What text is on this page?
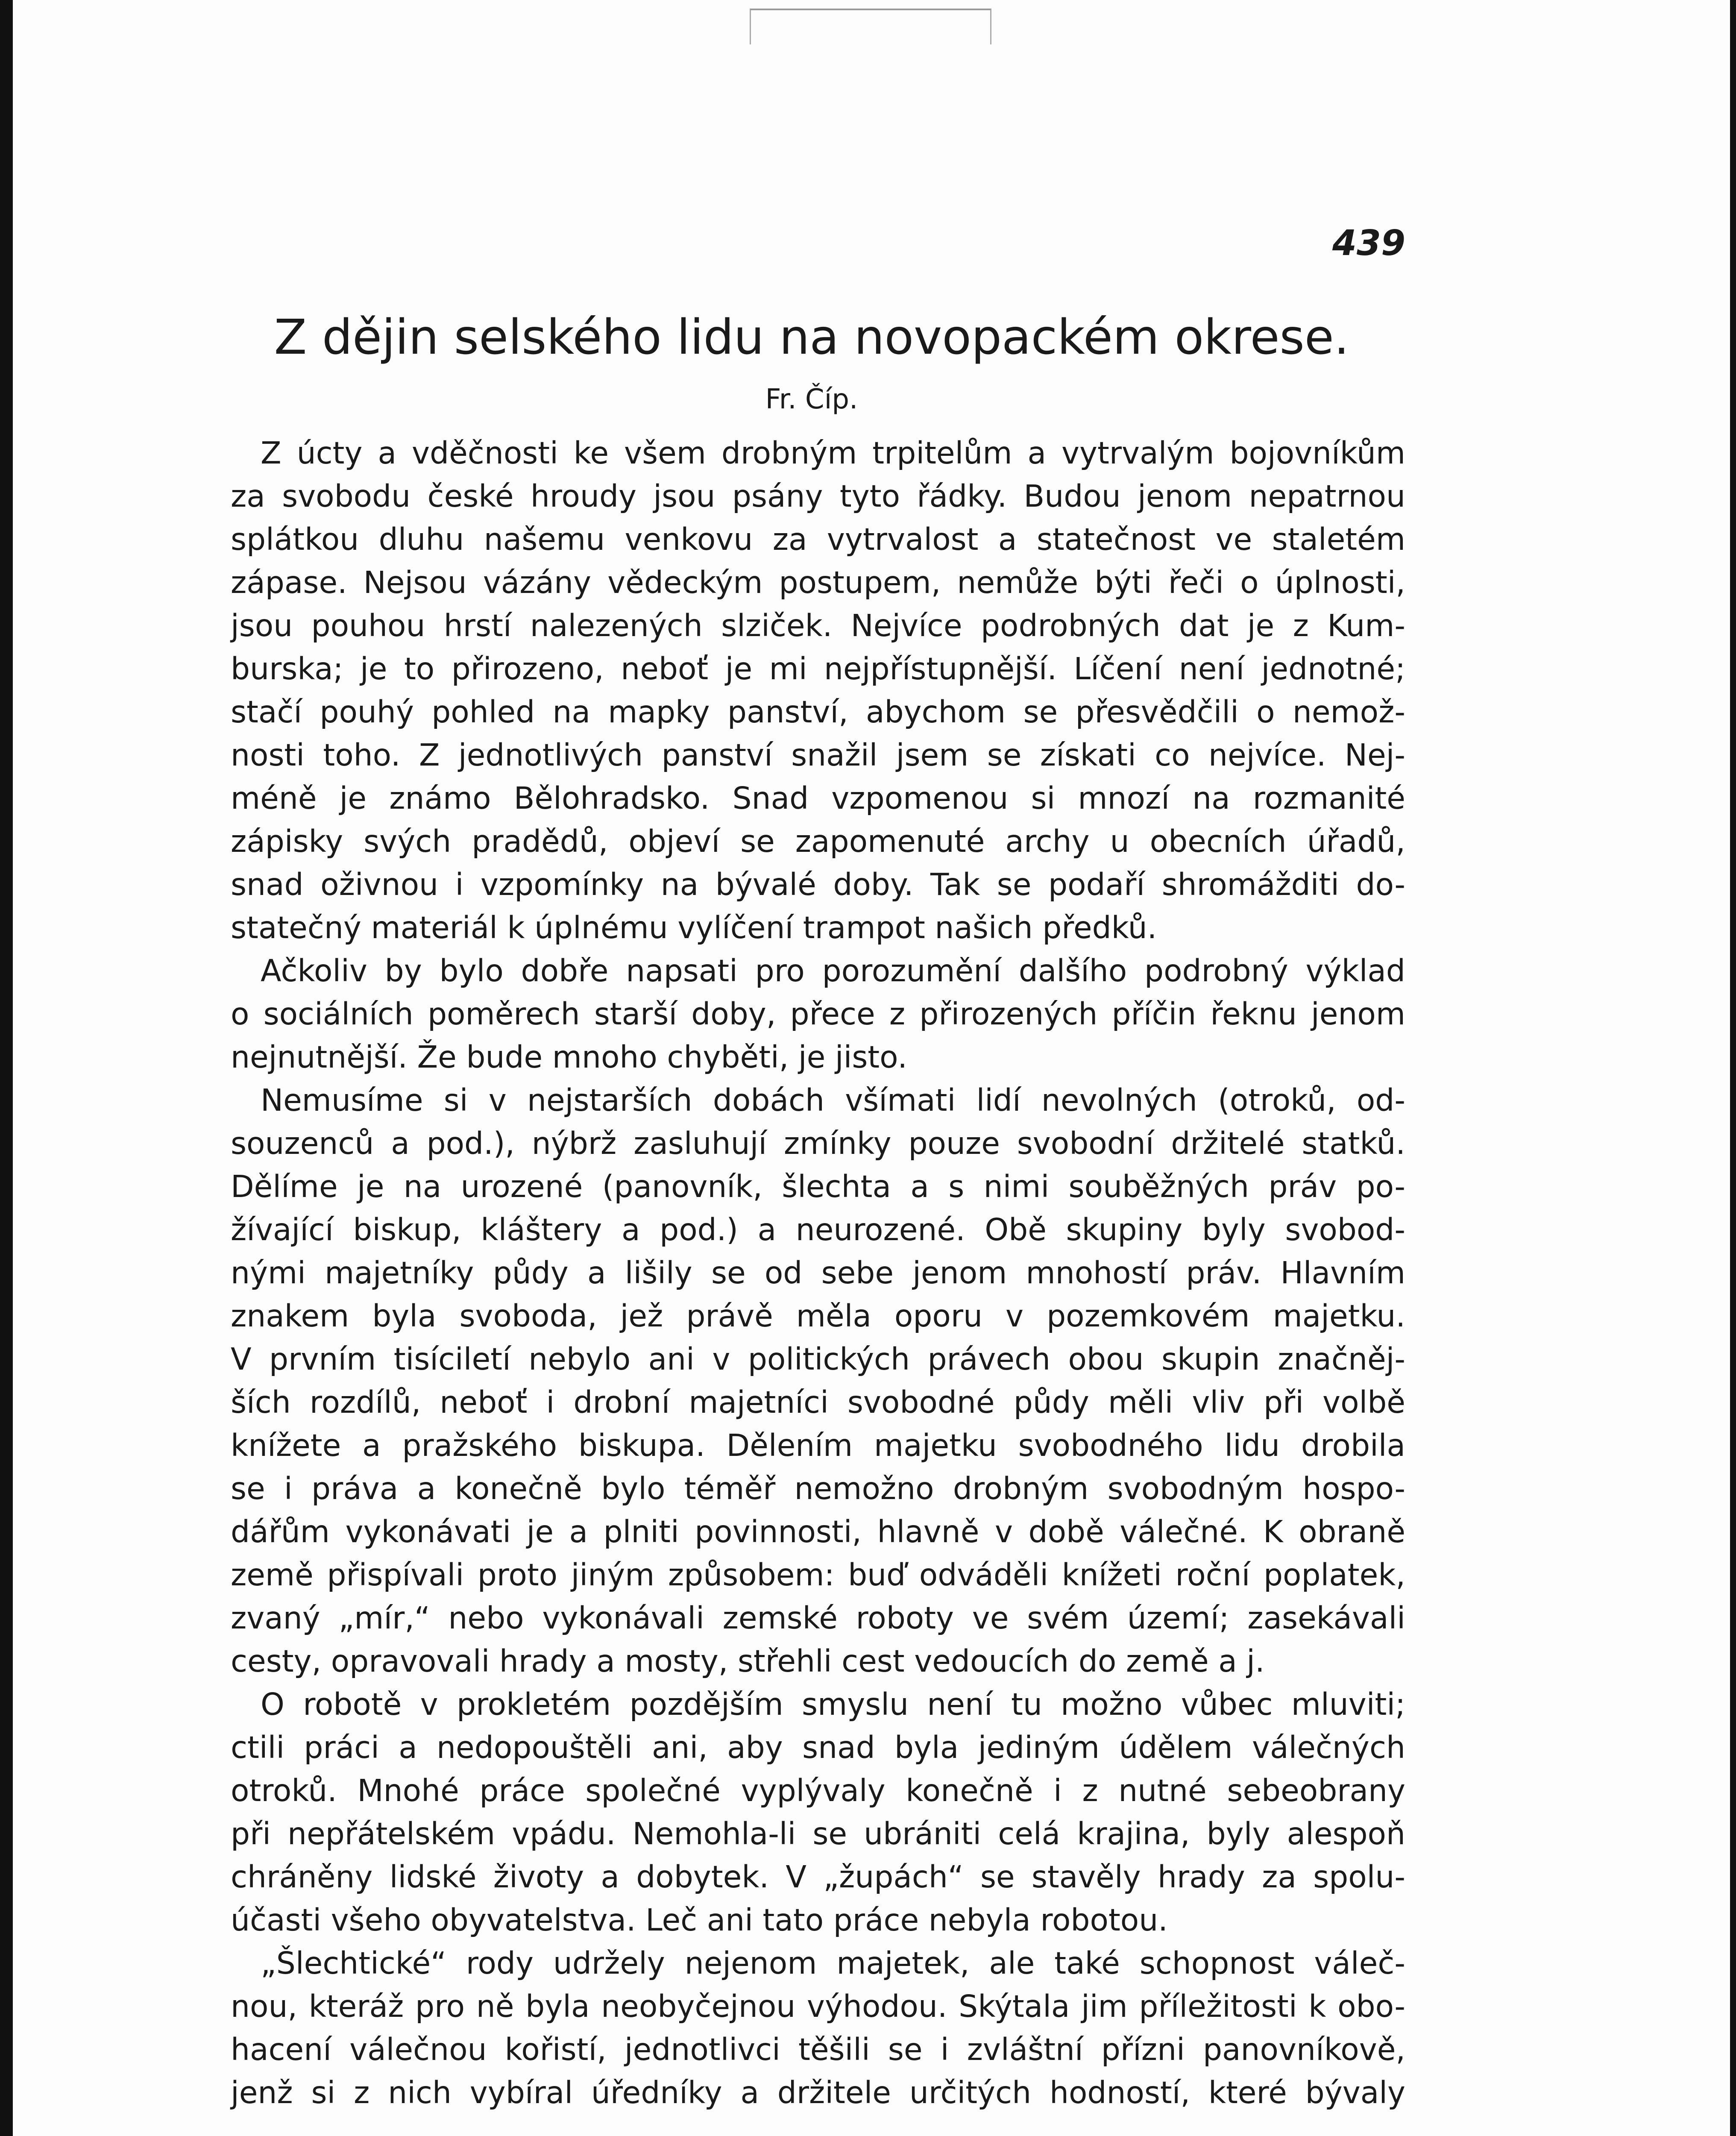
439
Z dějin selského lidu na novopackém okrese.
Fr. Číp.
Z úcty a vděčnosti ke všem drobným trpitelům a vytrvalým bojovníkům
za svobodu české hroudy jsou psány tyto řádky. Budou jenom nepatrnou
splátkou dluhu našemu venkovu za vytrvalost a statečnost ve staletém
zápase. Nejsou vázány vědeckým postupem, nemůže býti řeči o úplnosti,
jsou pouhou hrstí nalezených slziček. Nejvíce podrobných dat je z Kum-
burska; je to přirozeno, neboť je mi nejpřístupnější. Líčení není jednotné;
stačí pouhý pohled na mapky panství, abychom se přesvědčili o nemož-
nosti toho. Z jednotlivých panství snažil jsem se získati co nejvíce. Nej-
méně je známo Bělohradsko. Snad vzpomenou si mnozí na rozmanité
zápisky svých pradědů, objeví se zapomenuté archy u obecních úřadů,
snad oživnou i vzpomínky na bývalé doby. Tak se podaří shromážditi do-
statečný materiál k úplnému vylíčení trampot našich předků.
Ačkoliv by bylo dobře napsati pro porozumění dalšího podrobný výklad
o sociálních poměrech starší doby, přece z přirozených příčin řeknu jenom
nejnutnější. Že bude mnoho chyběti, je jisto.
Nemusíme si v nejstarších dobách všímati lidí nevolných (otroků, od-
souzenců a pod.), nýbrž zasluhují zmínky pouze svobodní držitelé statků.
Dělíme je na urozené (panovník, šlechta a s nimi souběžných práv po-
žívající biskup, kláštery a pod.) a neurozené. Obě skupiny byly svobod-
nými majetníky půdy a lišily se od sebe jenom mnohostí práv. Hlavním
znakem byla svoboda, jež právě měla oporu v pozemkovém majetku.
V prvním tisíciletí nebylo ani v politických právech obou skupin značněj-
ších rozdílů, neboť i drobní majetníci svobodné půdy měli vliv při volbě
knížete a pražského biskupa. Dělením majetku svobodného lidu drobila
se i práva a konečně bylo téměř nemožno drobným svobodným hospo-
dářům vykonávati je a plniti povinnosti, hlavně v době válečné. K obraně
země přispívali proto jiným způsobem: buď odváděli knížeti roční poplatek,
zvaný „mír,“ nebo vykonávali zemské roboty ve svém území; zasekávali
cesty, opravovali hrady a mosty, střehli cest vedoucích do země a j.
O robotě v prokletém pozdějším smyslu není tu možno vůbec mluviti;
ctili práci a nedopouštěli ani, aby snad byla jediným údělem válečných
otroků. Mnohé práce společné vyplývaly konečně i z nutné sebeobrany
při nepřátelském vpádu. Nemohla-li se ubrániti celá krajina, byly alespoň
chráněny lidské životy a dobytek. V „župách“ se stavěly hrady za spolu-
účasti všeho obyvatelstva. Leč ani tato práce nebyla robotou.
„Šlechtické“ rody udržely nejenom majetek, ale také schopnost váleč-
nou, kteráž pro ně byla neobyčejnou výhodou. Skýtala jim příležitosti k obo-
hacení válečnou kořistí, jednotlivci těšili se i zvláštní přízni panovníkově,
jenž si z nich vybíral úředníky a držitele určitých hodností, které bývaly
